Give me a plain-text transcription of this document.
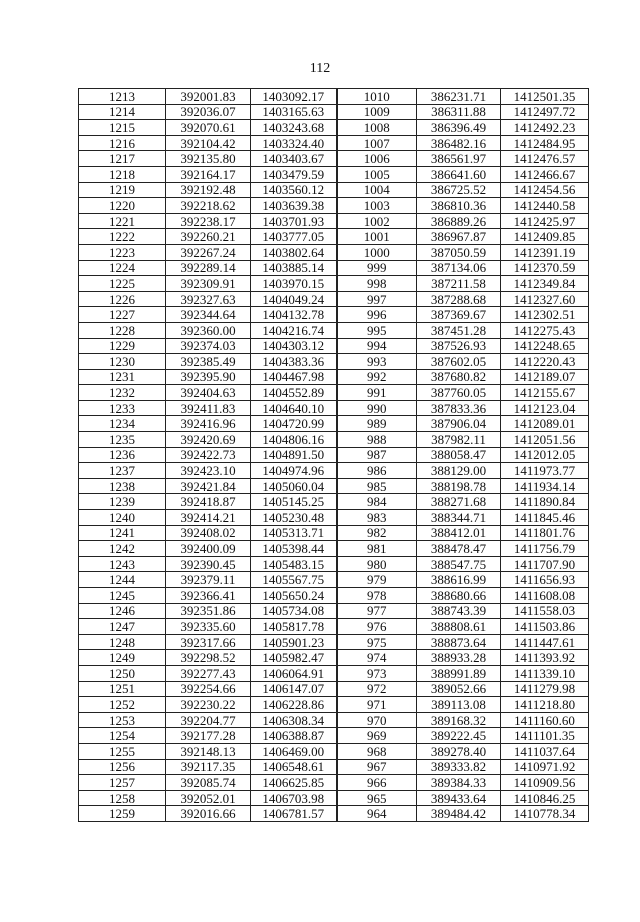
112
1213	392001.83	1403092.17	1010	386231.71	1412501.35
1214	392036.07	1403165.63	1009	386311.88	1412497.72
1215	392070.61	1403243.68	1008	386396.49	1412492.23
1216	392104.42	1403324.40	1007	386482.16	1412484.95
1217	392135.80	1403403.67	1006	386561.97	1412476.57
1218	392164.17	1403479.59	1005	386641.60	1412466.67
1219	392192.48	1403560.12	1004	386725.52	1412454.56
1220	392218.62	1403639.38	1003	386810.36	1412440.58
1221	392238.17	1403701.93	1002	386889.26	1412425.97
1222	392260.21	1403777.05	1001	386967.87	1412409.85
1223	392267.24	1403802.64	1000	387050.59	1412391.19
1224	392289.14	1403885.14	999	387134.06	1412370.59
1225	392309.91	1403970.15	998	387211.58	1412349.84
1226	392327.63	1404049.24	997	387288.68	1412327.60
1227	392344.64	1404132.78	996	387369.67	1412302.51
1228	392360.00	1404216.74	995	387451.28	1412275.43
1229	392374.03	1404303.12	994	387526.93	1412248.65
1230	392385.49	1404383.36	993	387602.05	1412220.43
1231	392395.90	1404467.98	992	387680.82	1412189.07
1232	392404.63	1404552.89	991	387760.05	1412155.67
1233	392411.83	1404640.10	990	387833.36	1412123.04
1234	392416.96	1404720.99	989	387906.04	1412089.01
1235	392420.69	1404806.16	988	387982.11	1412051.56
1236	392422.73	1404891.50	987	388058.47	1412012.05
1237	392423.10	1404974.96	986	388129.00	1411973.77
1238	392421.84	1405060.04	985	388198.78	1411934.14
1239	392418.87	1405145.25	984	388271.68	1411890.84
1240	392414.21	1405230.48	983	388344.71	1411845.46
1241	392408.02	1405313.71	982	388412.01	1411801.76
1242	392400.09	1405398.44	981	388478.47	1411756.79
1243	392390.45	1405483.15	980	388547.75	1411707.90
1244	392379.11	1405567.75	979	388616.99	1411656.93
1245	392366.41	1405650.24	978	388680.66	1411608.08
1246	392351.86	1405734.08	977	388743.39	1411558.03
1247	392335.60	1405817.78	976	388808.61	1411503.86
1248	392317.66	1405901.23	975	388873.64	1411447.61
1249	392298.52	1405982.47	974	388933.28	1411393.92
1250	392277.43	1406064.91	973	388991.89	1411339.10
1251	392254.66	1406147.07	972	389052.66	1411279.98
1252	392230.22	1406228.86	971	389113.08	1411218.80
1253	392204.77	1406308.34	970	389168.32	1411160.60
1254	392177.28	1406388.87	969	389222.45	1411101.35
1255	392148.13	1406469.00	968	389278.40	1411037.64
1256	392117.35	1406548.61	967	389333.82	1410971.92
1257	392085.74	1406625.85	966	389384.33	1410909.56
1258	392052.01	1406703.98	965	389433.64	1410846.25
1259	392016.66	1406781.57	964	389484.42	1410778.34
